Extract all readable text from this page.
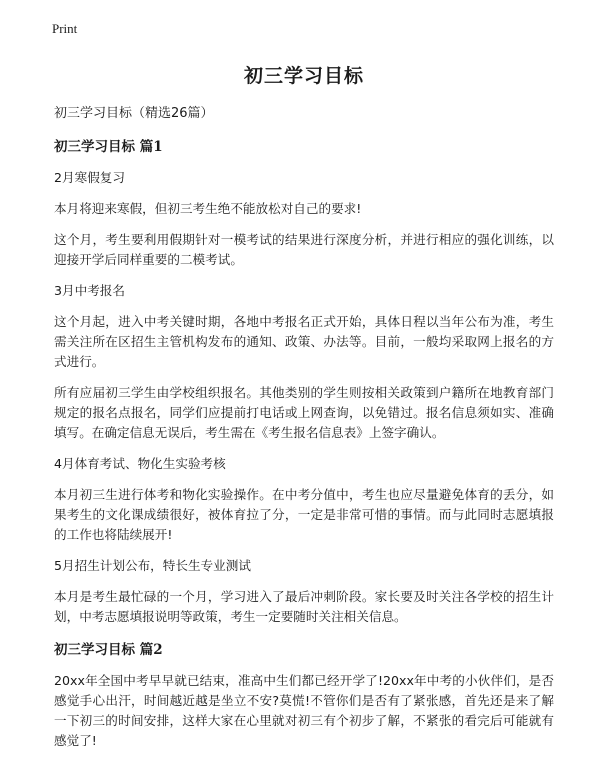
Print
初三学习目标
初三学习目标（精选26篇）
初三学习目标 篇1

2月寒假复习

本月将迎来寒假，但初三考生绝不能放松对自己的要求!

这个月，考生要利用假期针对一模考试的结果进行深度分析，并进行相应的强化训练，以迎接开学后同样重要的二模考试。

3月中考报名

这个月起，进入中考关键时期，各地中考报名正式开始，具体日程以当年公布为准，考生需关注所在区招生主管机构发布的通知、政策、办法等。目前，一般均采取网上报名的方式进行。

所有应届初三学生由学校组织报名。其他类别的学生则按相关政策到户籍所在地教育部门规定的报名点报名，同学们应提前打电话或上网查询，以免错过。报名信息须如实、准确填写。在确定信息无误后，考生需在《考生报名信息表》上签字确认。

4月体育考试、物化生实验考核

本月初三生进行体考和物化实验操作。在中考分值中，考生也应尽量避免体育的丢分，如果考生的文化课成绩很好，被体育拉了分，一定是非常可惜的事情。而与此同时志愿填报的工作也将陆续展开!

5月招生计划公布，特长生专业测试

本月是考生最忙碌的一个月，学习进入了最后冲刺阶段。家长要及时关注各学校的招生计划，中考志愿填报说明等政策，考生一定要随时关注相关信息。

初三学习目标 篇2

20xx年全国中考早早就已结束，准高中生们都已经开学了!20xx年中考的小伙伴们，是否感觉手心出汗，时间越近越是坐立不安?莫慌!不管你们是否有了紧张感，首先还是来了解一下初三的时间安排，这样大家在心里就对初三有个初步了解，不紧张的看完后可能就有感觉了!
